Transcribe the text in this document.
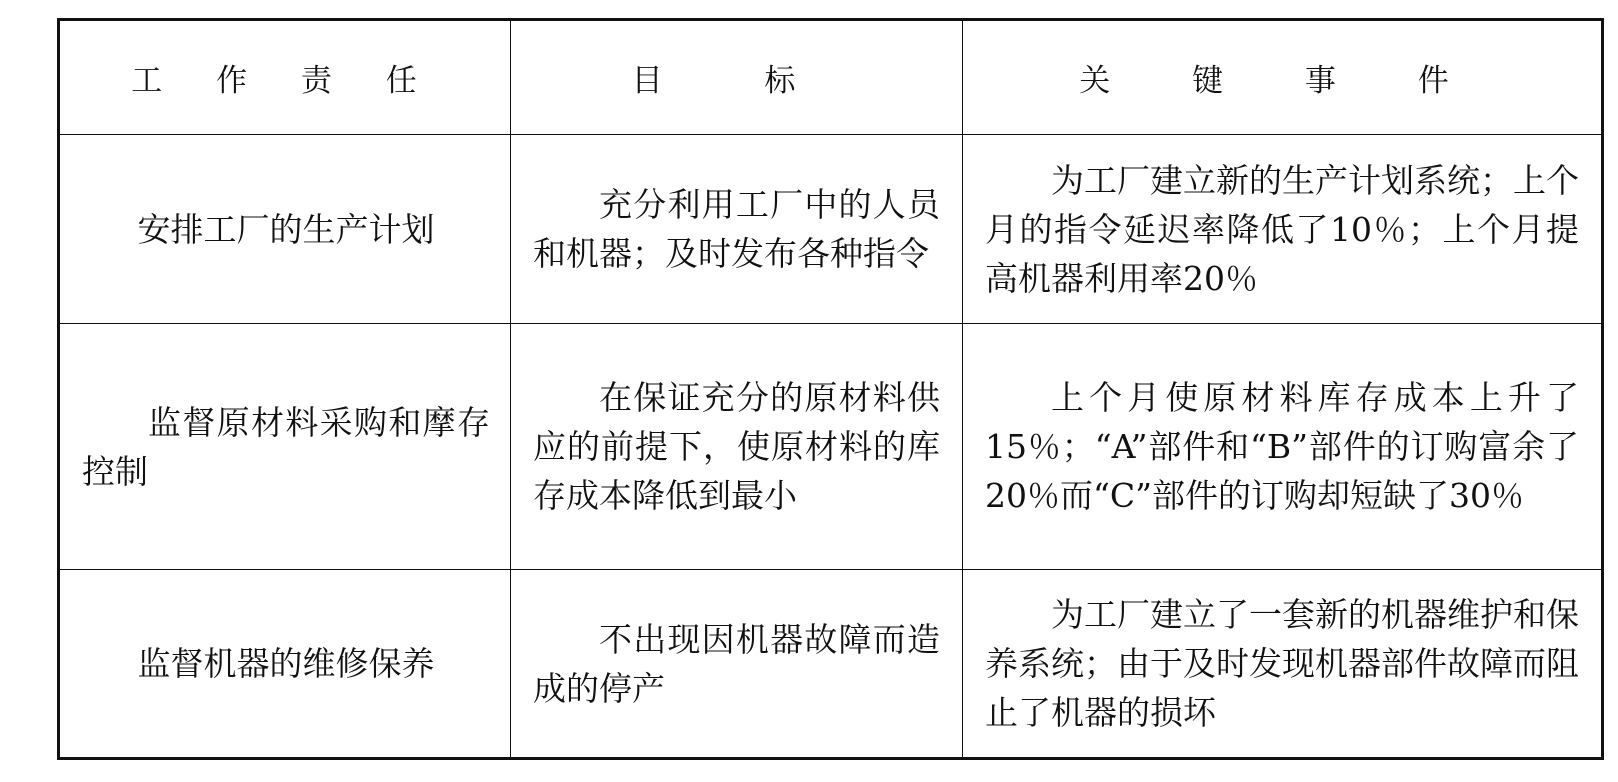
工 作 责 任	目 标	关 键 事 件
安排工厂的生产计划	充分利用工厂中的人员和机器；及时发布各种指令	为工厂建立新的生产计划系统；上个月的指令延迟率降低了10％；上个月提高机器利用率20％
监督原材料采购和摩存控制	在保证充分的原材料供应的前提下，使原材料的库存成本降低到最小	上个月使原材料库存成本上升了15％；“A”部件和“B”部件的订购富余了20％而“C”部件的订购却短缺了30％
监督机器的维修保养	不出现因机器故障而造成的停产	为工厂建立了一套新的机器维护和保养系统；由于及时发现机器部件故障而阻止了机器的损坏
